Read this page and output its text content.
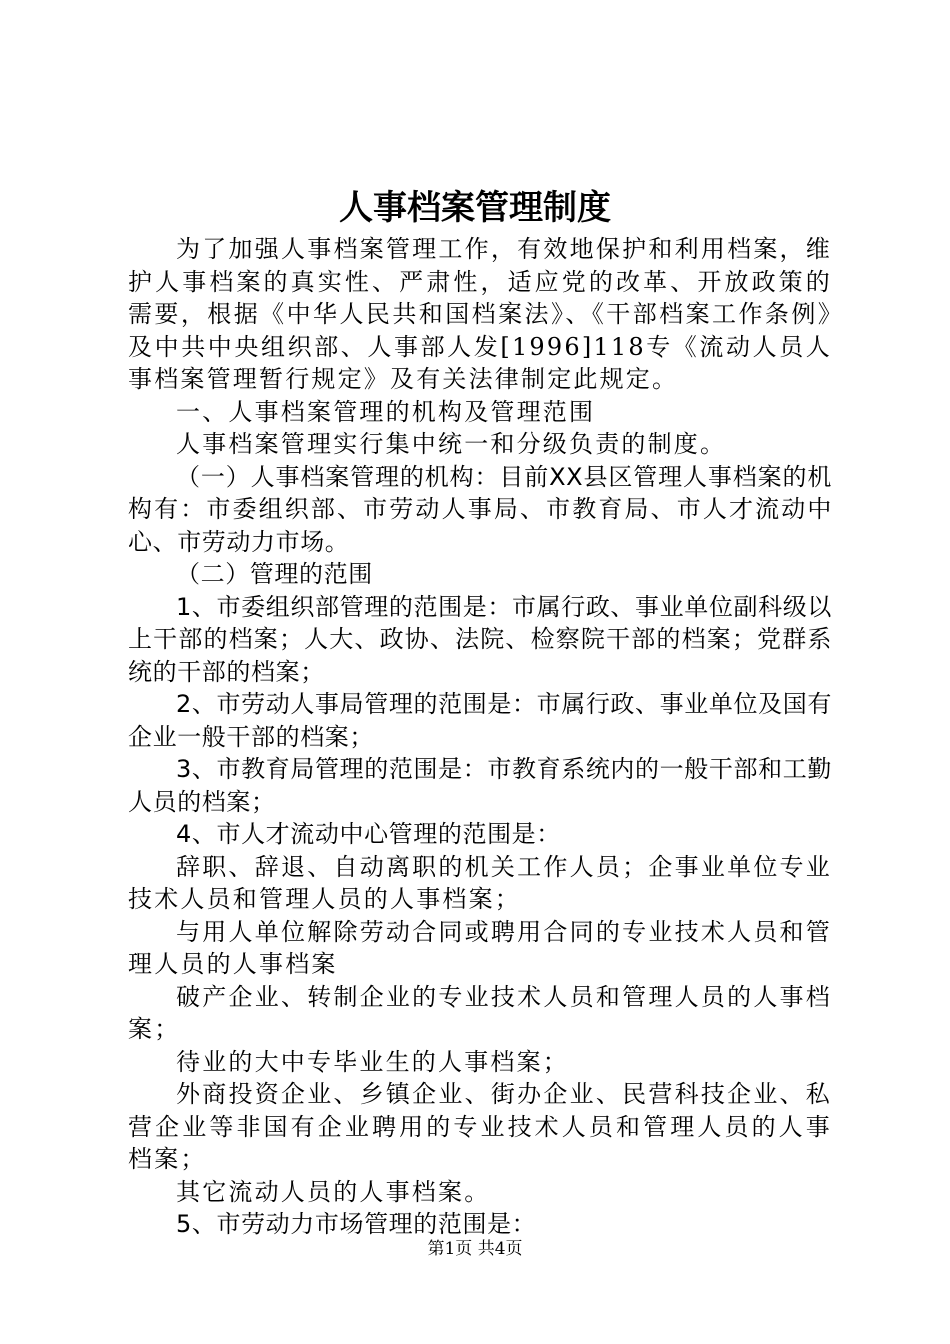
人事档案管理制度

为了加强人事档案管理工作，有效地保护和利用档案，维护人事档案的真实性、严肃性，适应党的改革、开放政策的需要，根据《中华人民共和国档案法》、《干部档案工作条例》及中共中央组织部、人事部人发[1996]118专《流动人员人事档案管理暂行规定》及有关法律制定此规定。

一、人事档案管理的机构及管理范围

人事档案管理实行集中统一和分级负责的制度。

（一）人事档案管理的机构：目前XX县区管理人事档案的机构有：市委组织部、市劳动人事局、市教育局、市人才流动中心、市劳动力市场。

（二）管理的范围

1、市委组织部管理的范围是：市属行政、事业单位副科级以上干部的档案；人大、政协、法院、检察院干部的档案；党群系统的干部的档案；

2、市劳动人事局管理的范围是：市属行政、事业单位及国有企业一般干部的档案；

3、市教育局管理的范围是：市教育系统内的一般干部和工勤人员的档案；

4、市人才流动中心管理的范围是：

辞职、辞退、自动离职的机关工作人员；企事业单位专业技术人员和管理人员的人事档案；

与用人单位解除劳动合同或聘用合同的专业技术人员和管理人员的人事档案

破产企业、转制企业的专业技术人员和管理人员的人事档案；

待业的大中专毕业生的人事档案；

外商投资企业、乡镇企业、街办企业、民营科技企业、私营企业等非国有企业聘用的专业技术人员和管理人员的人事档案；

其它流动人员的人事档案。

5、市劳动力市场管理的范围是：

第1页 共4页
